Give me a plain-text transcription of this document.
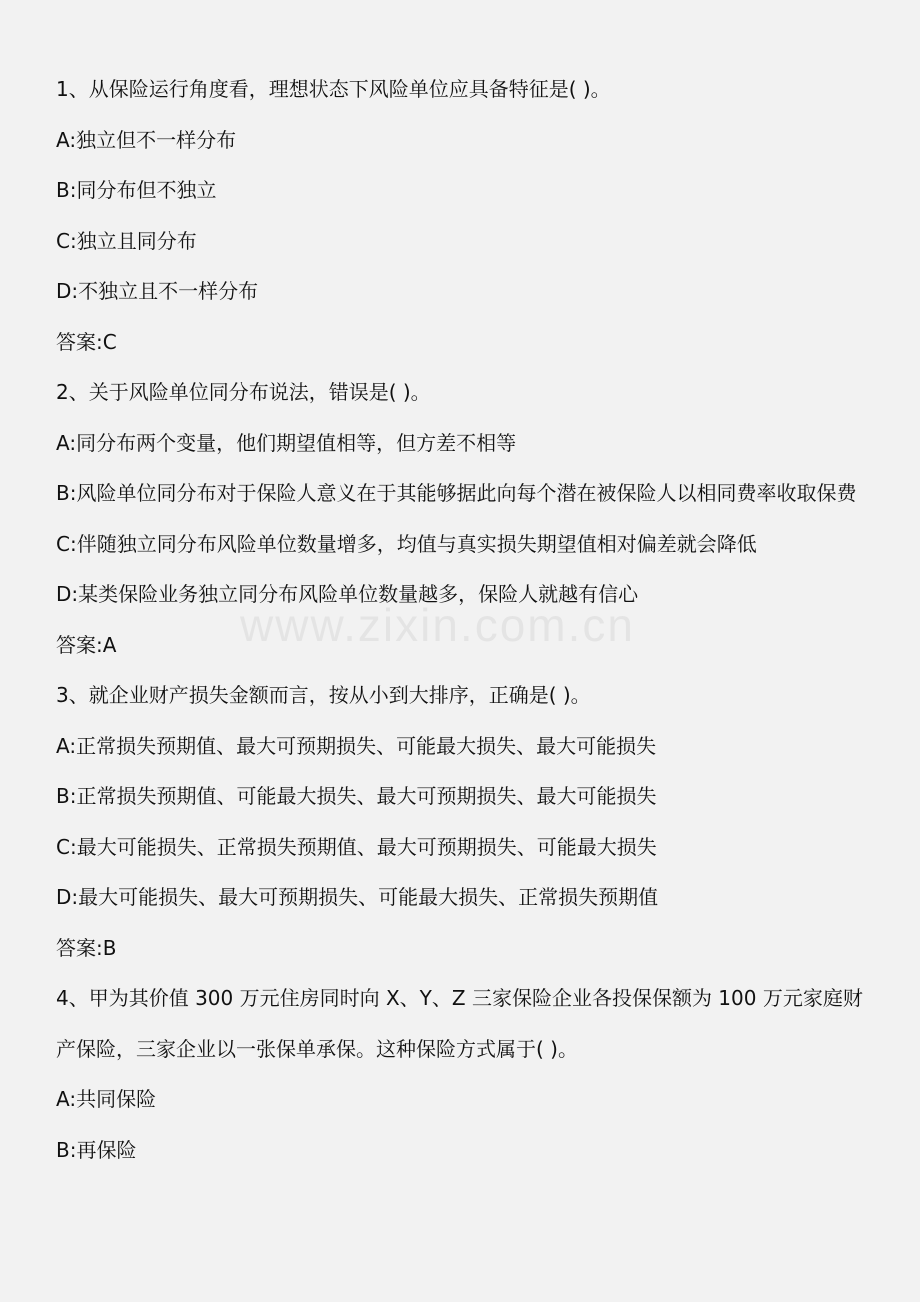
www.zixin.com.cn
1、从保险运行角度看，理想状态下风险单位应具备特征是( )。
A:独立但不一样分布
B:同分布但不独立
C:独立且同分布
D:不独立且不一样分布
答案:C
2、关于风险单位同分布说法，错误是( )。
A:同分布两个变量，他们期望值相等，但方差不相等
B:风险单位同分布对于保险人意义在于其能够据此向每个潜在被保险人以相同费率收取保费
C:伴随独立同分布风险单位数量增多，均值与真实损失期望值相对偏差就会降低
D:某类保险业务独立同分布风险单位数量越多，保险人就越有信心
答案:A
3、就企业财产损失金额而言，按从小到大排序，正确是( )。
A:正常损失预期值、最大可预期损失、可能最大损失、最大可能损失
B:正常损失预期值、可能最大损失、最大可预期损失、最大可能损失
C:最大可能损失、正常损失预期值、最大可预期损失、可能最大损失
D:最大可能损失、最大可预期损失、可能最大损失、正常损失预期值
答案:B
4、甲为其价值 300 万元住房同时向 X、Y、Z 三家保险企业各投保保额为 100 万元家庭财产保险，三家企业以一张保单承保。这种保险方式属于( )。
A:共同保险
B:再保险
